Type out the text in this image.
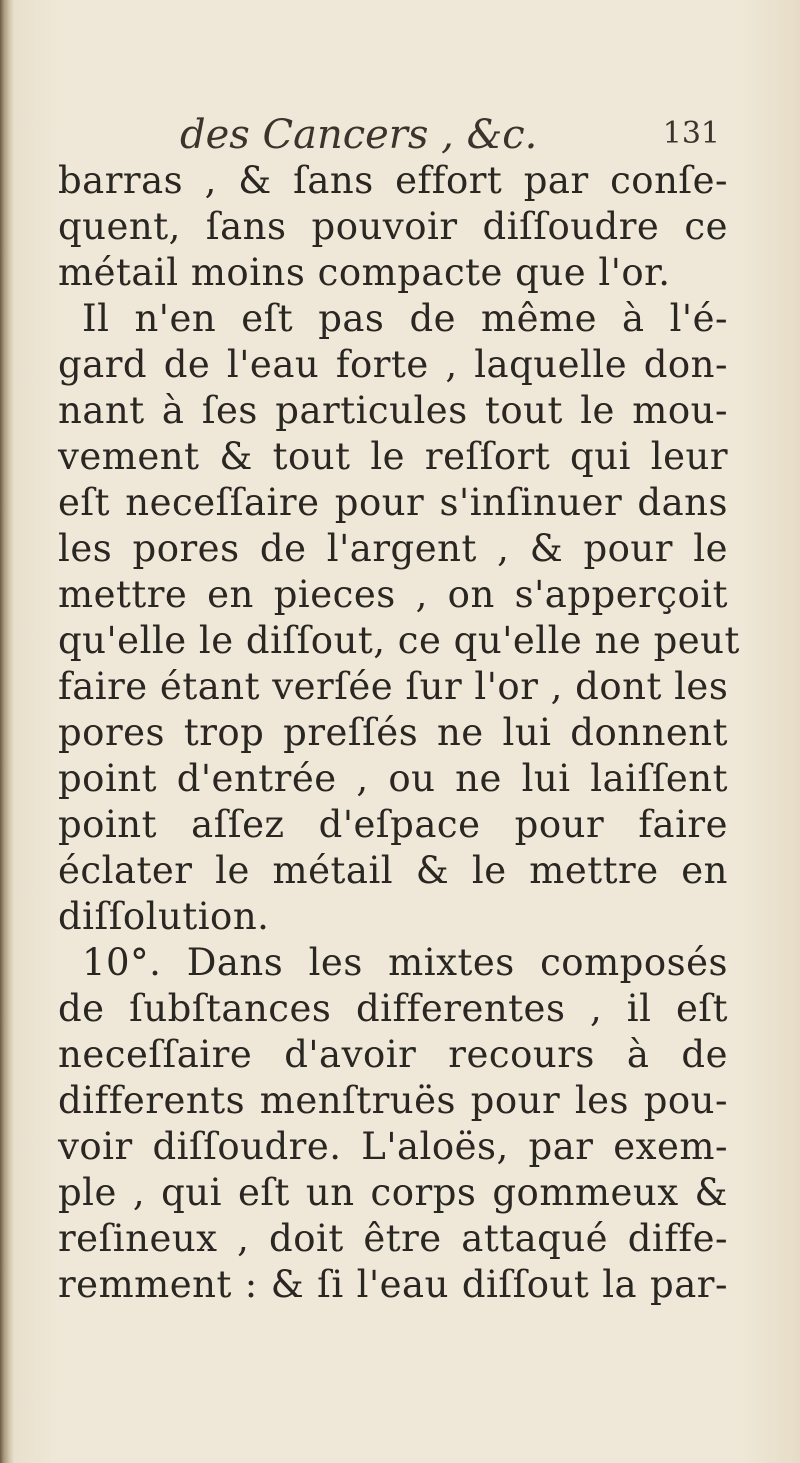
des Cancers , &c.	131
barras , & ſans effort par conſe-
quent, ſans pouvoir diſſoudre ce
métail moins compacte que l'or.
Il n'en eſt pas de même à l'é-
gard de l'eau forte , laquelle don-
nant à ſes particules tout le mou-
vement & tout le reſſort qui leur
eſt neceſſaire pour s'inſinuer dans
les pores de l'argent , & pour le
mettre en pieces , on s'apperçoit
qu'elle le diſſout, ce qu'elle ne peut
faire étant verſée ſur l'or , dont les
pores trop preſſés ne lui donnent
point d'entrée , ou ne lui laiſſent
point aſſez d'eſpace pour faire
éclater le métail & le mettre en
diſſolution.
10°. Dans les mixtes composés
de ſubſtances differentes , il eſt
neceſſaire d'avoir recours à de
differents menſtruës pour les pou-
voir diſſoudre. L'aloës, par exem-
ple , qui eſt un corps gommeux &
reſineux , doit être attaqué diffe-
remment : & ſi l'eau diſſout la par-
